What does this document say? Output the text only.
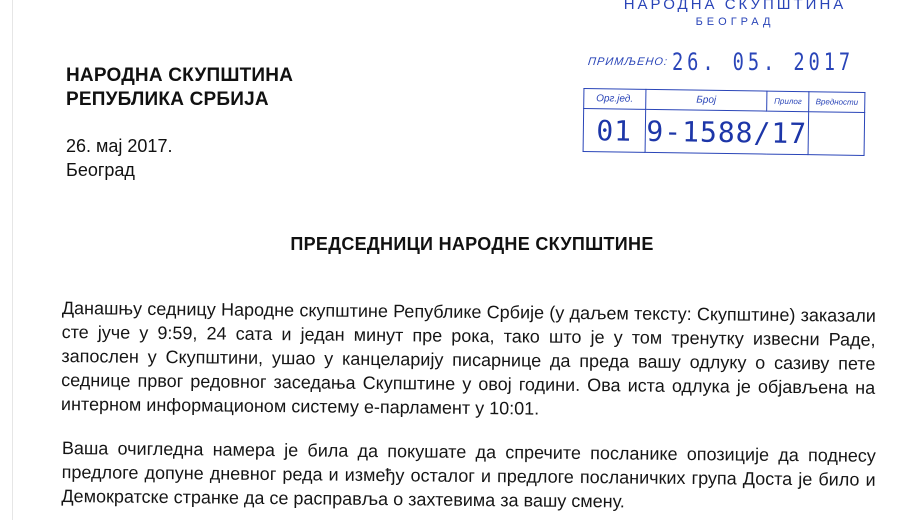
НАРОДНА СКУПШТИНА
БЕОГРАД
ПРИМЉЕНО: 26. 05. 2017
Орг.јед.	Број	Прилог	Вредности
01	9-1588/17		
НАРОДНА СКУПШТИНА
РЕПУБЛИКА СРБИЈА
26. мај 2017.
Београд
ПРЕДСЕДНИЦИ НАРОДНЕ СКУПШТИНЕ

Данашњу седницу Народне скупштине Републике Србије (у даљем тексту: Скупштине) заказали сте јуче у 9:59, 24 сата и један минут пре рока, тако што је у том тренутку извесни Раде, запослен у Скупштини, ушао у канцеларију писарнице да преда вашу одлуку о сазиву пете седнице првог редовног заседања Скупштине у овој години. Ова иста одлука је објављена на интерном информационом систему е-парламент у 10:01.

Ваша очигледна намера је била да покушате да спречите посланике опозиције да поднесу предлоге допуне дневног реда и између осталог и предлоге посланичких група Доста је било и Демократске странке да се расправља о захтевима за вашу смену.
